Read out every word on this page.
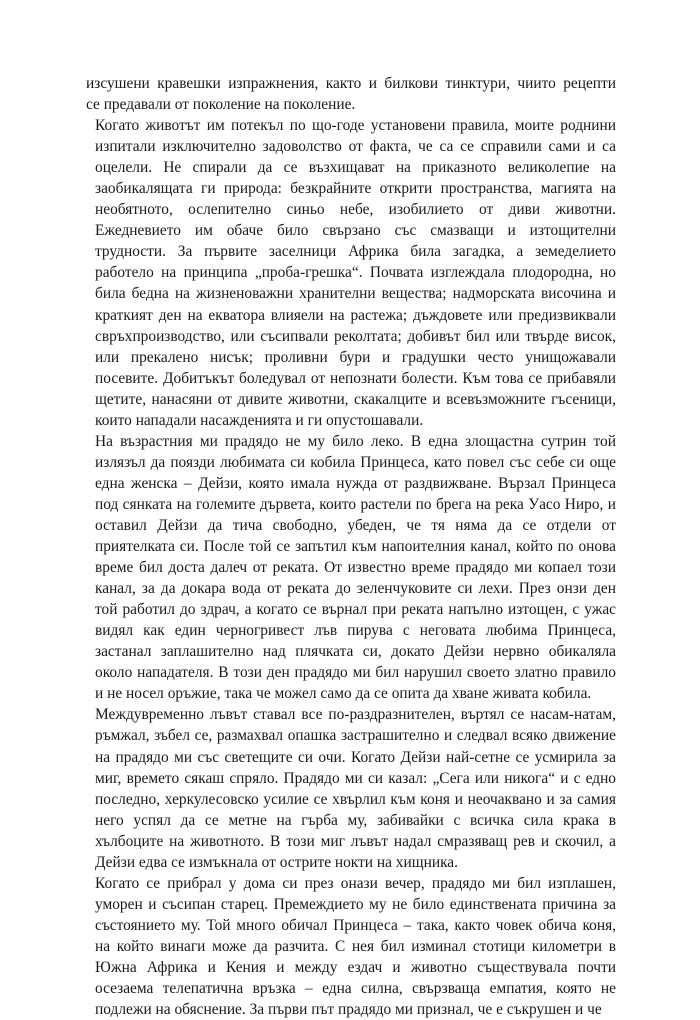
изсушени кравешки изпражнения, както и билкови тинктури, чиито рецепти
се предавали от поколение на поколение.

Когато животът им потекъл по що-годе установени правила, моите роднини
изпитали изключително задоволство от факта, че са се справили сами и са
оцелели. Не спирали да се възхищават на приказното великолепие на
заобикалящата ги природа: безкрайните открити пространства, магията на
необятното, ослепително синьо небе, изобилието от диви животни.
Ежедневието им обаче било свързано със смазващи и изтощителни
трудности. За първите заселници Африка била загадка, а земеделието
работело на принципа „проба-грешка“. Почвата изглеждала плодородна, но
била бедна на жизненоважни хранителни вещества; надморската височина и
краткият ден на екватора влияели на растежа; дъждовете или предизвиквали
свръхпроизводство, или съсипвали реколтата; добивът бил или твърде висок,
или прекалено нисък; проливни бури и градушки често унищожавали
посевите. Добитъкът боледувал от непознати болести. Към това се прибавяли
щетите, нанасяни от дивите животни, скакалците и всевъзможните гъсеници,
които нападали насажденията и ги опустошавали.

На възрастния ми прадядо не му било леко. В една злощастна сутрин той
излязъл да поязди любимата си кобила Принцеса, като повел със себе си още
една женска – Дейзи, която имала нужда от раздвижване. Вързал Принцеса
под сянката на големите дървета, които растели по брега на река Уасо Ниро, и
оставил Дейзи да тича свободно, убеден, че тя няма да се отдели от
приятелката си. После той се запътил към напоителния канал, който по онова
време бил доста далеч от реката. От известно време прадядо ми копаел този
канал, за да докара вода от реката до зеленчуковите си лехи. През онзи ден
той работил до здрач, а когато се върнал при реката напълно изтощен, с ужас
видял как един черногривест лъв пирува с неговата любима Принцеса,
застанал заплашително над плячката си, докато Дейзи нервно обикаляла
около нападателя. В този ден прадядо ми бил нарушил своето златно правило
и не носел оръжие, така че можел само да се опита да хване живата кобила.

Междувременно лъвът ставал все по-раздразнителен, въртял се насам-натам,
ръмжал, зъбел се, размахвал опашка застрашително и следвал всяко движение
на прадядо ми със светещите си очи. Когато Дейзи най-сетне се усмирила за
миг, времето сякаш спряло. Прадядо ми си казал: „Сега или никога“ и с едно
последно, херкулесовско усилие се хвърлил към коня и неочаквано и за самия
него успял да се метне на гърба му, забивайки с всичка сила крака в
хълбоците на животното. В този миг лъвът надал смразяващ рев и скочил, а
Дейзи едва се измъкнала от острите нокти на хищника.

Когато се прибрал у дома си през онази вечер, прадядо ми бил изплашен,
уморен и съсипан старец. Премеждието му не било единствената причина за
състоянието му. Той много обичал Принцеса – така, както човек обича коня,
на който винаги може да разчита. С нея бил изминал стотици километри в
Южна Африка и Кения и между ездач и животно съществувала почти
осезаема телепатична връзка – една силна, свързваща емпатия, която не
подлежи на обяснение. За първи път прадядо ми признал, че е съкрушен и че
